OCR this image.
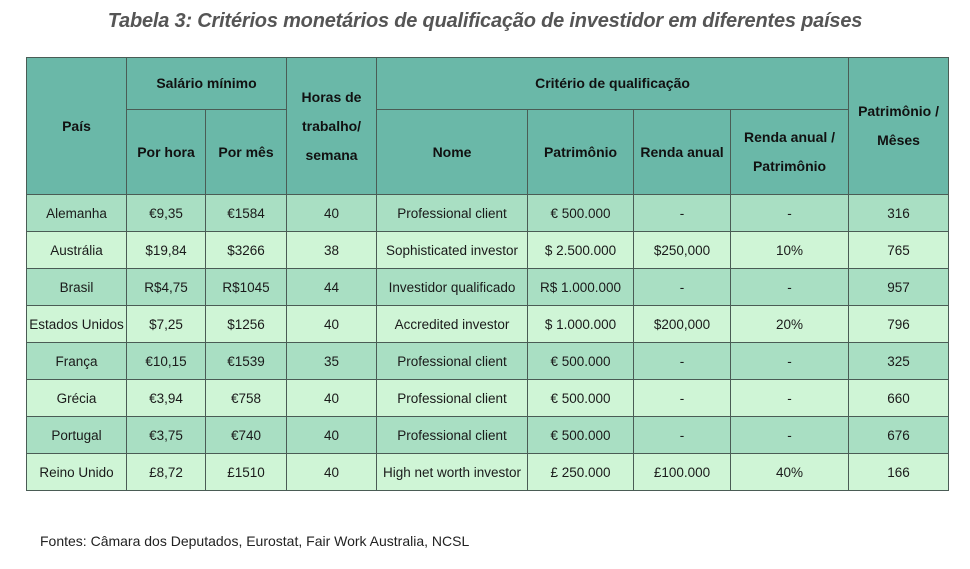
Tabela 3: Critérios monetários de qualificação de investidor em diferentes países
País	Salário mínimo		Horas de trabalho/ semana	Critério de qualificação				Patrimônio / Mêses
	Por hora	Por mês		Nome	Patrimônio	Renda anual	Renda anual / Patrimônio	
Alemanha	€9,35	€1584	40	Professional client	€ 500.000	-	-	316
Austrália	$19,84	$3266	38	Sophisticated investor	$ 2.500.000	$250,000	10%	765
Brasil	R$4,75	R$1045	44	Investidor qualificado	R$ 1.000.000	-	-	957
Estados Unidos	$7,25	$1256	40	Accredited investor	$ 1.000.000	$200,000	20%	796
França	€10,15	€1539	35	Professional client	€ 500.000	-	-	325
Grécia	€3,94	€758	40	Professional client	€ 500.000	-	-	660
Portugal	€3,75	€740	40	Professional client	€ 500.000	-	-	676
Reino Unido	£8,72	£1510	40	High net worth investor	£ 250.000	£100.000	40%	166
Fontes: Câmara dos Deputados, Eurostat, Fair Work Australia, NCSL
